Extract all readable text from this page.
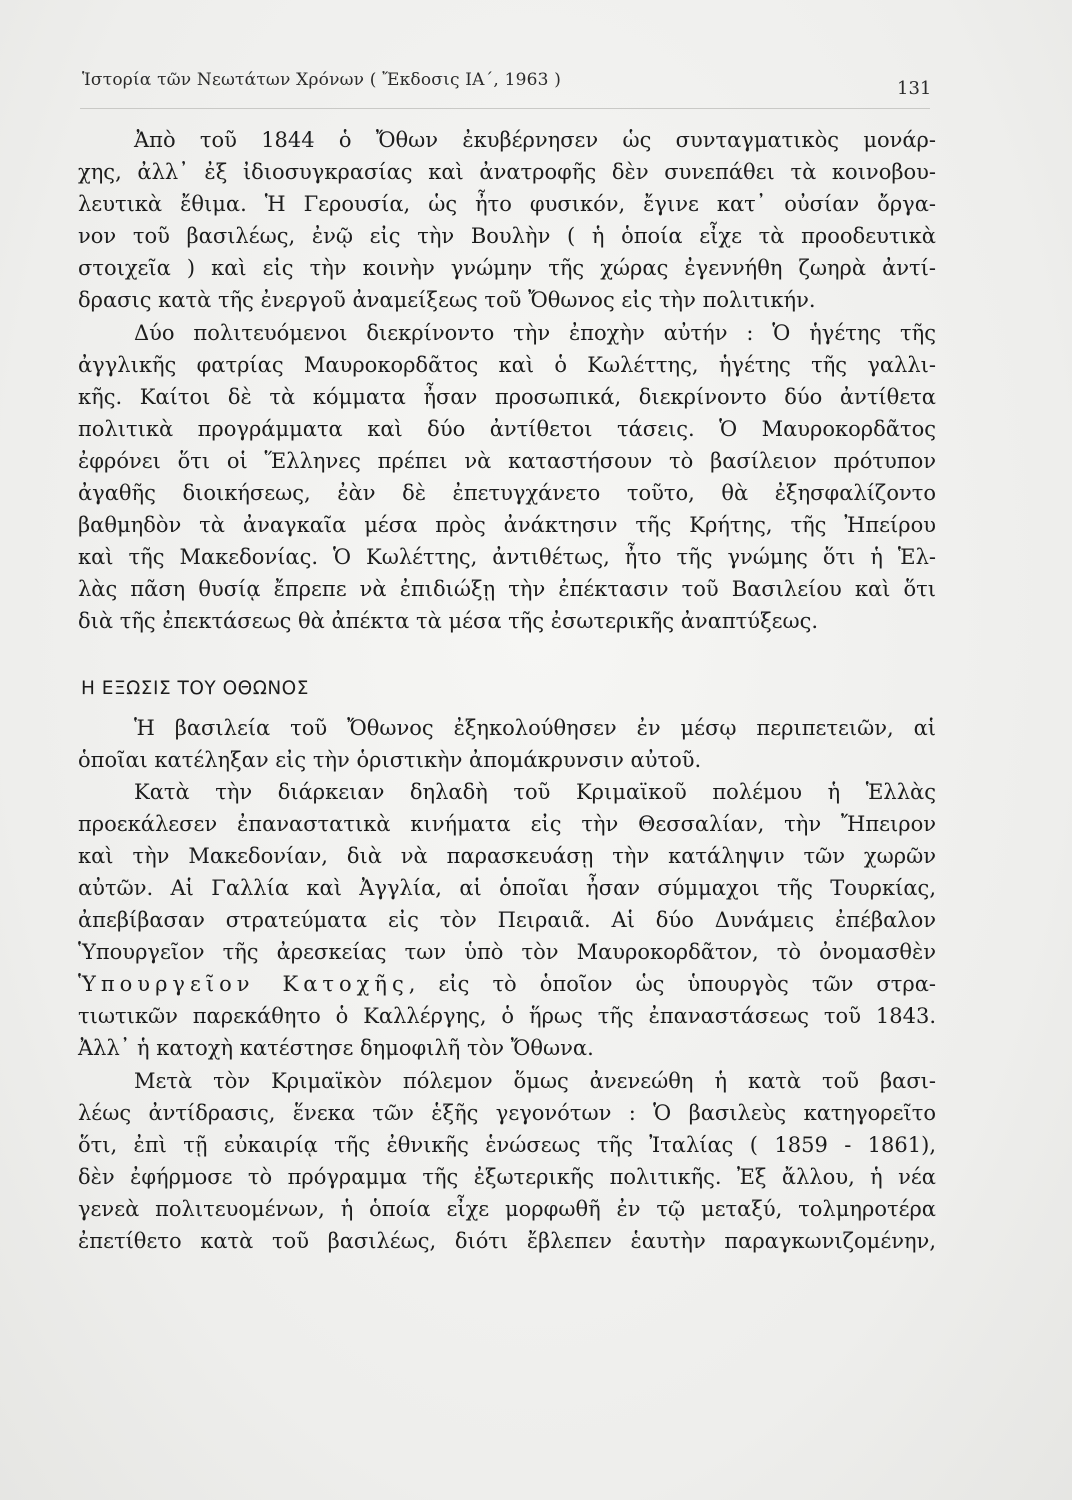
Ἱστορία τῶν Νεωτάτων Χρόνων ( Ἔκδοσις ΙΑ΄, 1963 )	131

Ἀπὸ τοῦ 1844 ὁ Ὄθων ἐκυβέρνησεν ὡς συνταγματικὸς μονάρ-
χης, ἀλλ᾽ ἐξ ἰδιοσυγκρασίας καὶ ἀνατροφῆς δὲν συνεπάθει τὰ κοινοβου-
λευτικὰ ἔθιμα. Ἡ Γερουσία, ὡς ἦτο φυσικόν, ἔγινε κατ᾽ οὐσίαν ὄργα-
νον τοῦ βασιλέως, ἐνῷ εἰς τὴν Βουλὴν ( ἡ ὁποία εἶχε τὰ προοδευτικὰ
στοιχεῖα ) καὶ εἰς τὴν κοινὴν γνώμην τῆς χώρας ἐγεννήθη ζωηρὰ ἀντί-
δρασις κατὰ τῆς ἐνεργοῦ ἀναμείξεως τοῦ Ὄθωνος εἰς τὴν πολιτικήν.

Δύο πολιτευόμενοι διεκρίνοντο τὴν ἐποχὴν αὐτήν : Ὁ ἡγέτης τῆς
ἀγγλικῆς φατρίας Μαυροκορδᾶτος καὶ ὁ Κωλέττης, ἡγέτης τῆς γαλλι-
κῆς. Καίτοι δὲ τὰ κόμματα ἦσαν προσωπικά, διεκρίνοντο δύο ἀντίθετα
πολιτικὰ προγράμματα καὶ δύο ἀντίθετοι τάσεις. Ὁ Μαυροκορδᾶτος
ἐφρόνει ὅτι οἱ Ἕλληνες πρέπει νὰ καταστήσουν τὸ βασίλειον πρότυπον
ἀγαθῆς διοικήσεως, ἐὰν δὲ ἐπετυγχάνετο τοῦτο, θὰ ἐξησφαλίζοντο
βαθμηδὸν τὰ ἀναγκαῖα μέσα πρὸς ἀνάκτησιν τῆς Κρήτης, τῆς Ἠπείρου
καὶ τῆς Μακεδονίας. Ὁ Κωλέττης, ἀντιθέτως, ἦτο τῆς γνώμης ὅτι ἡ Ἑλ-
λὰς πᾶση θυσίᾳ ἔπρεπε νὰ ἐπιδιώξῃ τὴν ἐπέκτασιν τοῦ Βασιλείου καὶ ὅτι
διὰ τῆς ἐπεκτάσεως θὰ ἀπέκτα τὰ μέσα τῆς ἐσωτερικῆς ἀναπτύξεως.

Η ΕΞΩΣΙΣ ΤΟΥ ΟΘΩΝΟΣ

Ἡ βασιλεία τοῦ Ὄθωνος ἐξηκολούθησεν ἐν μέσῳ περιπετειῶν, αἱ
ὁποῖαι κατέληξαν εἰς τὴν ὁριστικὴν ἀπομάκρυνσιν αὐτοῦ.

Κατὰ τὴν διάρκειαν δηλαδὴ τοῦ Κριμαϊκοῦ πολέμου ἡ Ἑλλὰς
προεκάλεσεν ἐπαναστατικὰ κινήματα εἰς τὴν Θεσσαλίαν, τὴν Ἤπειρον
καὶ τὴν Μακεδονίαν, διὰ νὰ παρασκευάσῃ τὴν κατάληψιν τῶν χωρῶν
αὐτῶν. Αἱ Γαλλία καὶ Ἀγγλία, αἱ ὁποῖαι ἦσαν σύμμαχοι τῆς Τουρκίας,
ἀπεβίβασαν στρατεύματα εἰς τὸν Πειραιᾶ. Αἱ δύο Δυνάμεις ἐπέβαλον
Ὑπουργεῖον τῆς ἀρεσκείας των ὑπὸ τὸν Μαυροκορδᾶτον, τὸ ὀνομασθὲν
Ὑπουργεῖον Κατοχῆς, εἰς τὸ ὁποῖον ὡς ὑπουργὸς τῶν στρα-
τιωτικῶν παρεκάθητο ὁ Καλλέργης, ὁ ἥρως τῆς ἐπαναστάσεως τοῦ 1843.
Ἀλλ᾽ ἡ κατοχὴ κατέστησε δημοφιλῆ τὸν Ὄθωνα.

Μετὰ τὸν Κριμαϊκὸν πόλεμον ὅμως ἀνενεώθη ἡ κατὰ τοῦ βασι-
λέως ἀντίδρασις, ἕνεκα τῶν ἑξῆς γεγονότων : Ὁ βασιλεὺς κατηγορεῖτο
ὅτι, ἐπὶ τῇ εὐκαιρίᾳ τῆς ἐθνικῆς ἑνώσεως τῆς Ἰταλίας ( 1859 - 1861),
δὲν ἐφήρμοσε τὸ πρόγραμμα τῆς ἐξωτερικῆς πολιτικῆς. Ἐξ ἄλλου, ἡ νέα
γενεὰ πολιτευομένων, ἡ ὁποία εἶχε μορφωθῆ ἐν τῷ μεταξύ, τολμηροτέρα
ἐπετίθετο κατὰ τοῦ βασιλέως, διότι ἔβλεπεν ἑαυτὴν παραγκωνιζομένην,
